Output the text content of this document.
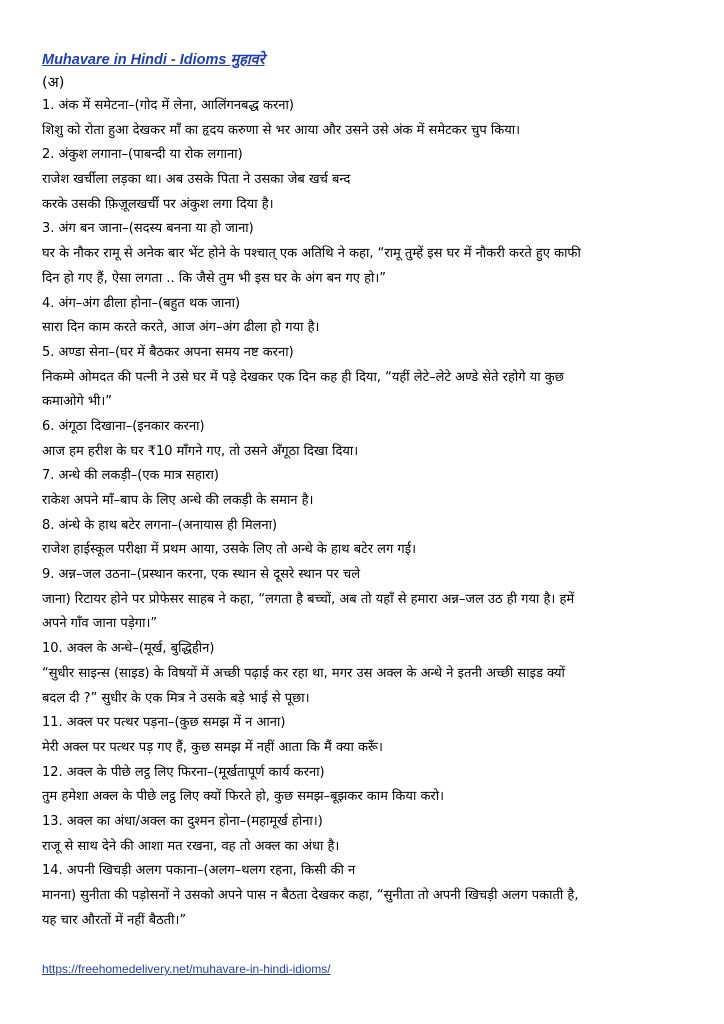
Muhavare in Hindi - Idioms मुहावरे
(अ)
1. अंक में समेटना–(गोद में लेना, आलिंगनबद्ध करना)
शिशु को रोता हुआ देखकर माँ का हृदय करुणा से भर आया और उसने उसे अंक में समेटकर चुप किया।
2. अंकुश लगाना–(पाबन्दी या रोक लगाना)
राजेश खर्चीला लड़का था। अब उसके पिता ने उसका जेब खर्च बन्द
करके उसकी फ़िज़ूलखर्ची पर अंकुश लगा दिया है।
3. अंग बन जाना–(सदस्य बनना या हो जाना)
घर के नौकर रामू से अनेक बार भेंट होने के पश्चात् एक अतिथि ने कहा, “रामू तुम्हें इस घर में नौकरी करते हुए काफी
दिन हो गए हैं, ऐसा लगता .. कि जैसे तुम भी इस घर के अंग बन गए हो।”
4. अंग–अंग ढीला होना–(बहुत थक जाना)
सारा दिन काम करते करते, आज अंग–अंग ढीला हो गया है।
5. अण्डा सेना–(घर में बैठकर अपना समय नष्ट करना)
निकम्मे ओमदत की पत्नी ने उसे घर में पड़े देखकर एक दिन कह ही दिया, “यहीं लेटे–लेटे अण्डे सेते रहोगे या कुछ
कमाओगे भी।”
6. अंगूठा दिखाना–(इनकार करना)
आज हम हरीश के घर ₹10 माँगने गए, तो उसने अँगूठा दिखा दिया।
7. अन्धे की लकड़ी–(एक मात्र सहारा)
राकेश अपने माँ–बाप के लिए अन्धे की लकड़ी के समान है।
8. अंन्धे के हाथ बटेर लगना–(अनायास ही मिलना)
राजेश हाईस्कूल परीक्षा में प्रथम आया, उसके लिए तो अन्धे के हाथ बटेर लग गई।
9. अन्न–जल उठना–(प्रस्थान करना, एक स्थान से दूसरे स्थान पर चले
जाना) रिटायर होने पर प्रोफेसर साहब ने कहा, “लगता है बच्चों, अब तो यहाँ से हमारा अन्न–जल उठ ही गया है। हमें
अपने गाँव जाना पड़ेगा।”
10. अक्ल के अन्धे–(मूर्ख, बुद्धिहीन)
“सुधीर साइन्स (साइड) के विषयों में अच्छी पढ़ाई कर रहा था, मगर उस अक्ल के अन्धे ने इतनी अच्छी साइड क्यों
बदल दी ?” सुधीर के एक मित्र ने उसके बड़े भाई से पूछा।
11. अक्ल पर पत्थर पड़ना–(कुछ समझ में न आना)
मेरी अक्ल पर पत्थर पड़ गए हैं, कुछ समझ में नहीं आता कि मैं क्या करूँ।
12. अक्ल के पीछे लट्ठ लिए फिरना–(मूर्खतापूर्ण कार्य करना)
तुम हमेशा अक्ल के पीछे लट्ठ लिए क्यों फिरते हो, कुछ समझ–बूझकर काम किया करो।
13. अक्ल का अंधा/अक्ल का दुश्मन होना–(महामूर्ख होना।)
राजू से साथ देने की आशा मत रखना, वह तो अक्ल का अंधा है।
14. अपनी खिचड़ी अलग पकाना–(अलग–थलग रहना, किसी की न
मानना) सुनीता की पड़ोसनों ने उसको अपने पास न बैठता देखकर कहा, “सुनीता तो अपनी खिचड़ी अलग पकाती है,
यह चार औरतों में नहीं बैठती।”
https://freehomedelivery.net/muhavare-in-hindi-idioms/
